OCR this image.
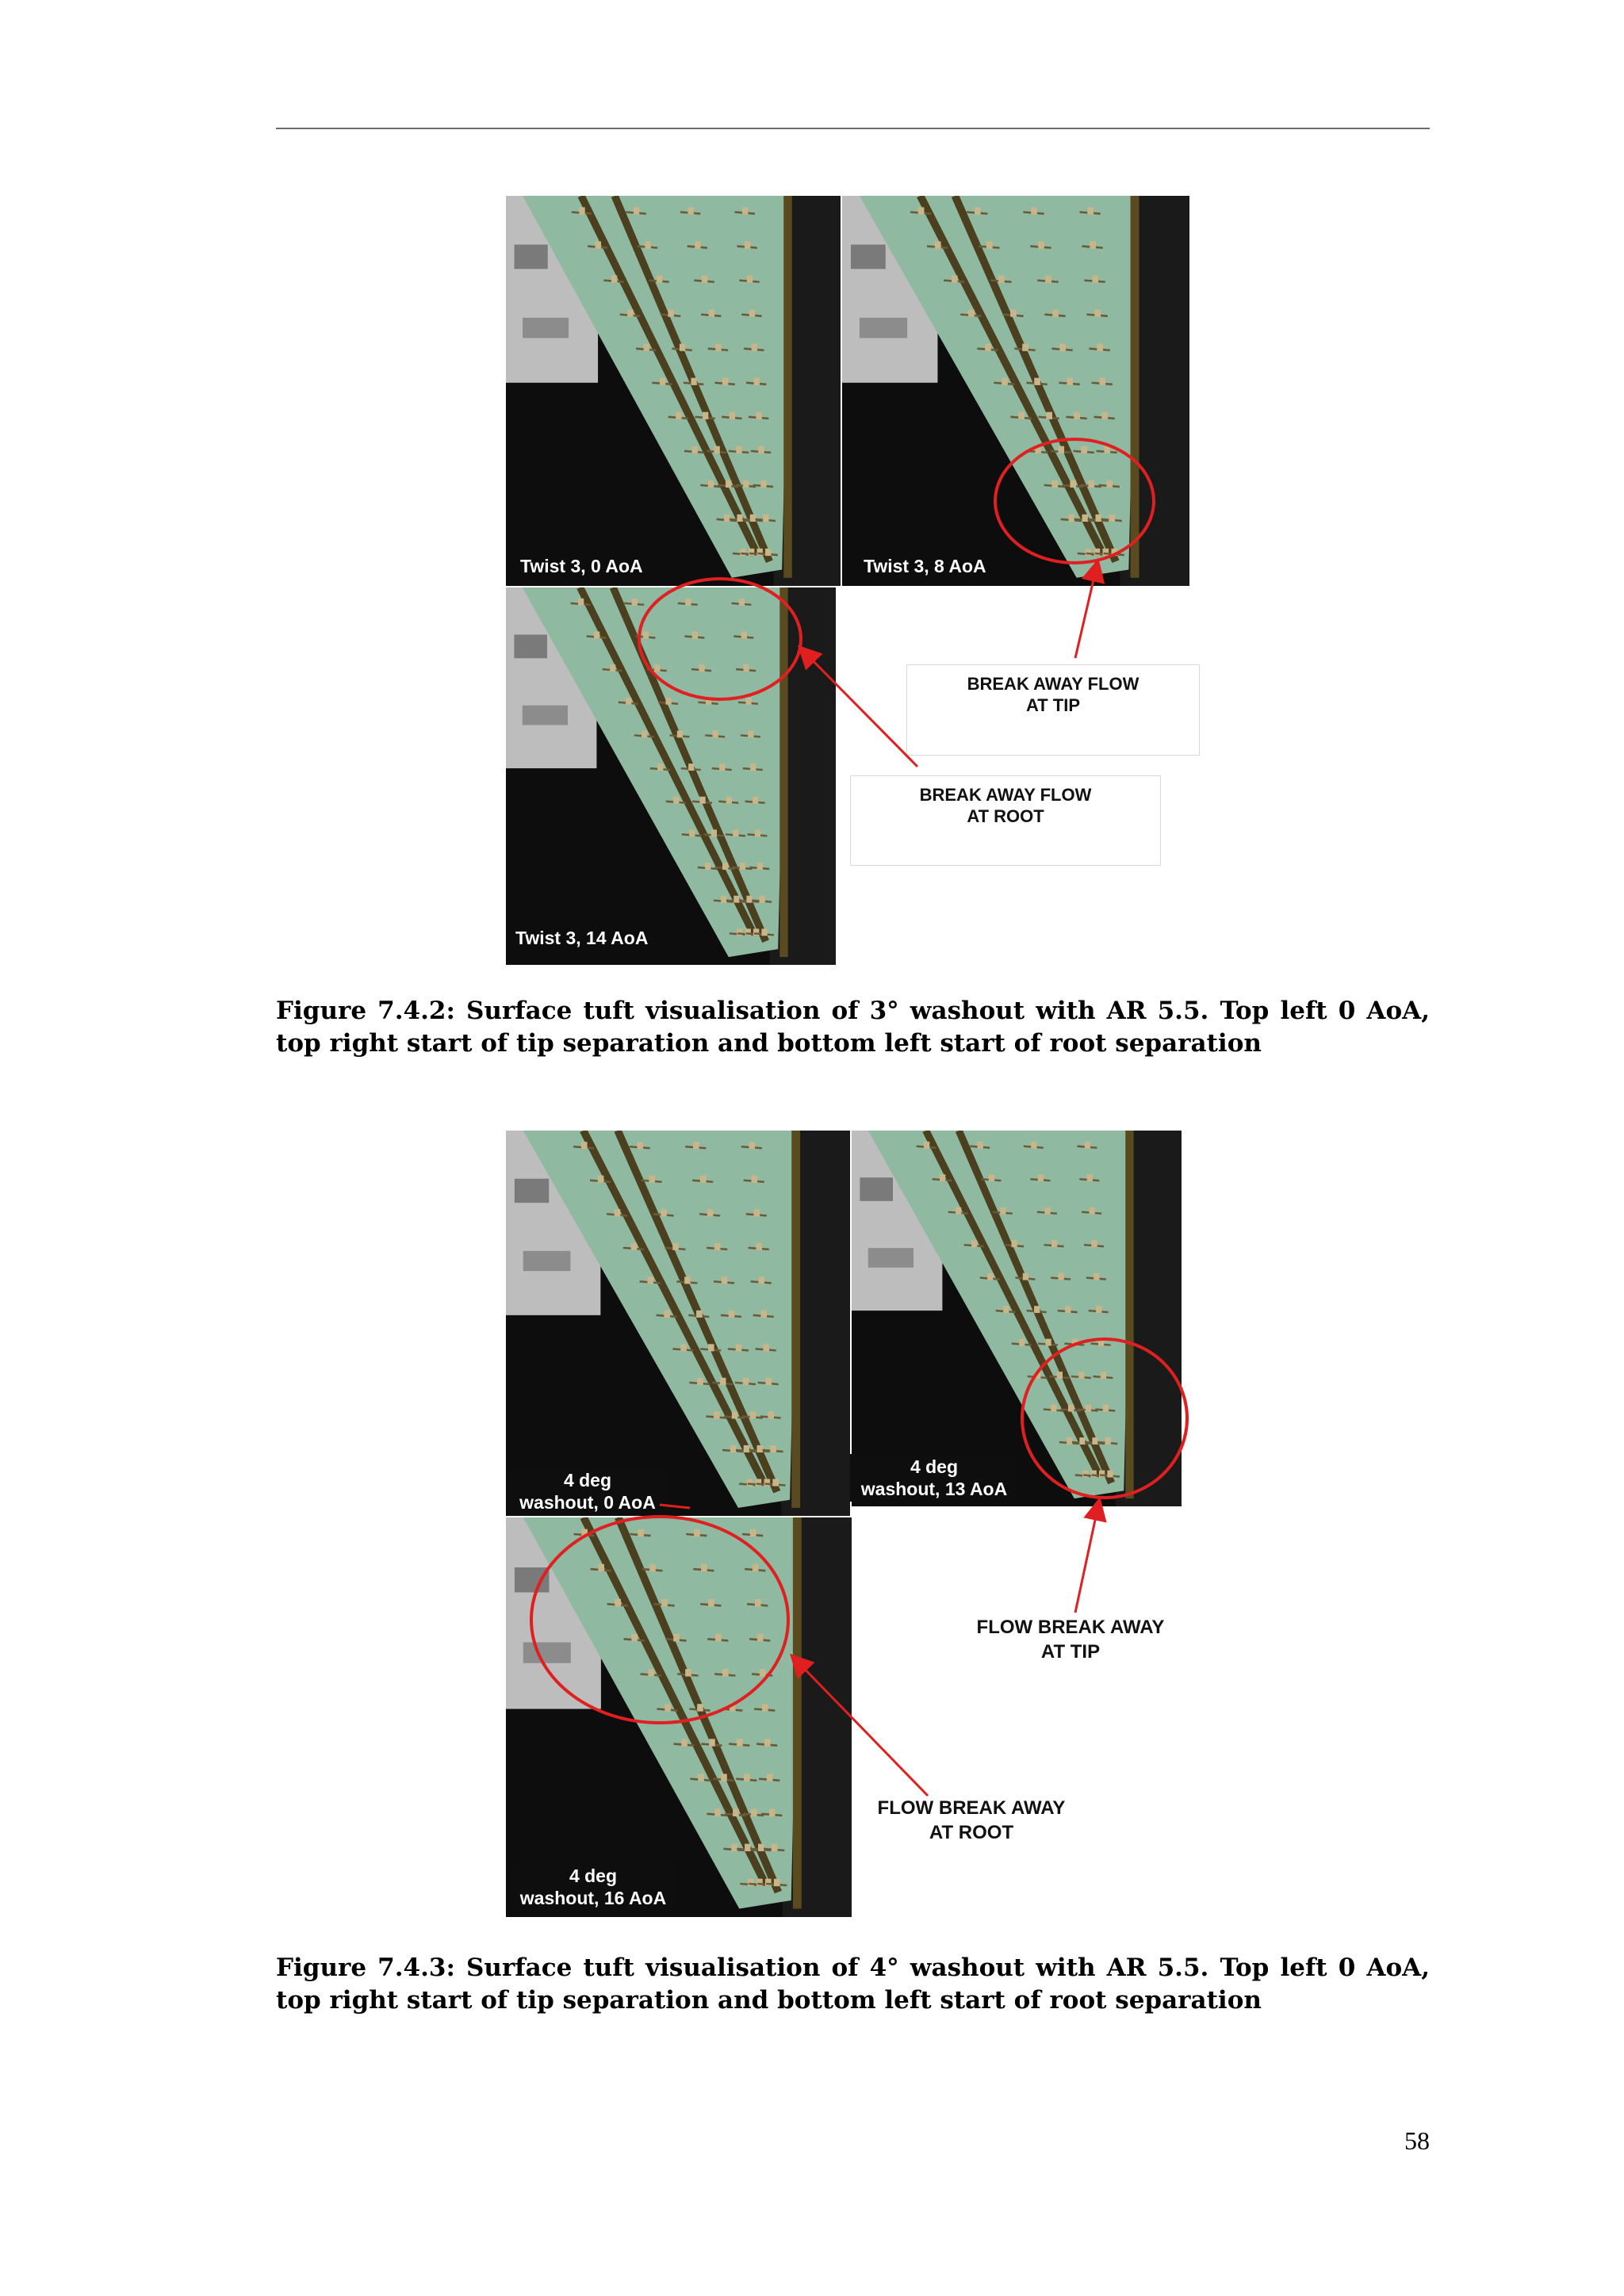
Twist 3, 0 AoA	Twist 3, 8 AoA
Twist 3, 14 AoA
BREAK AWAY FLOW
AT TIP
BREAK AWAY FLOW
AT ROOT
Figure 7.4.2: Surface tuft visualisation of 3° washout with AR 5.5. Top left 0 AoA, top right start of tip separation and bottom left start of root separation
4 deg
washout, 0 AoA
4 deg
washout, 13 AoA
4 deg
washout, 16 AoA
FLOW BREAK AWAY
AT TIP
FLOW BREAK AWAY
AT ROOT
Figure 7.4.3: Surface tuft visualisation of 4° washout with AR 5.5. Top left 0 AoA, top right start of tip separation and bottom left start of root separation
58
